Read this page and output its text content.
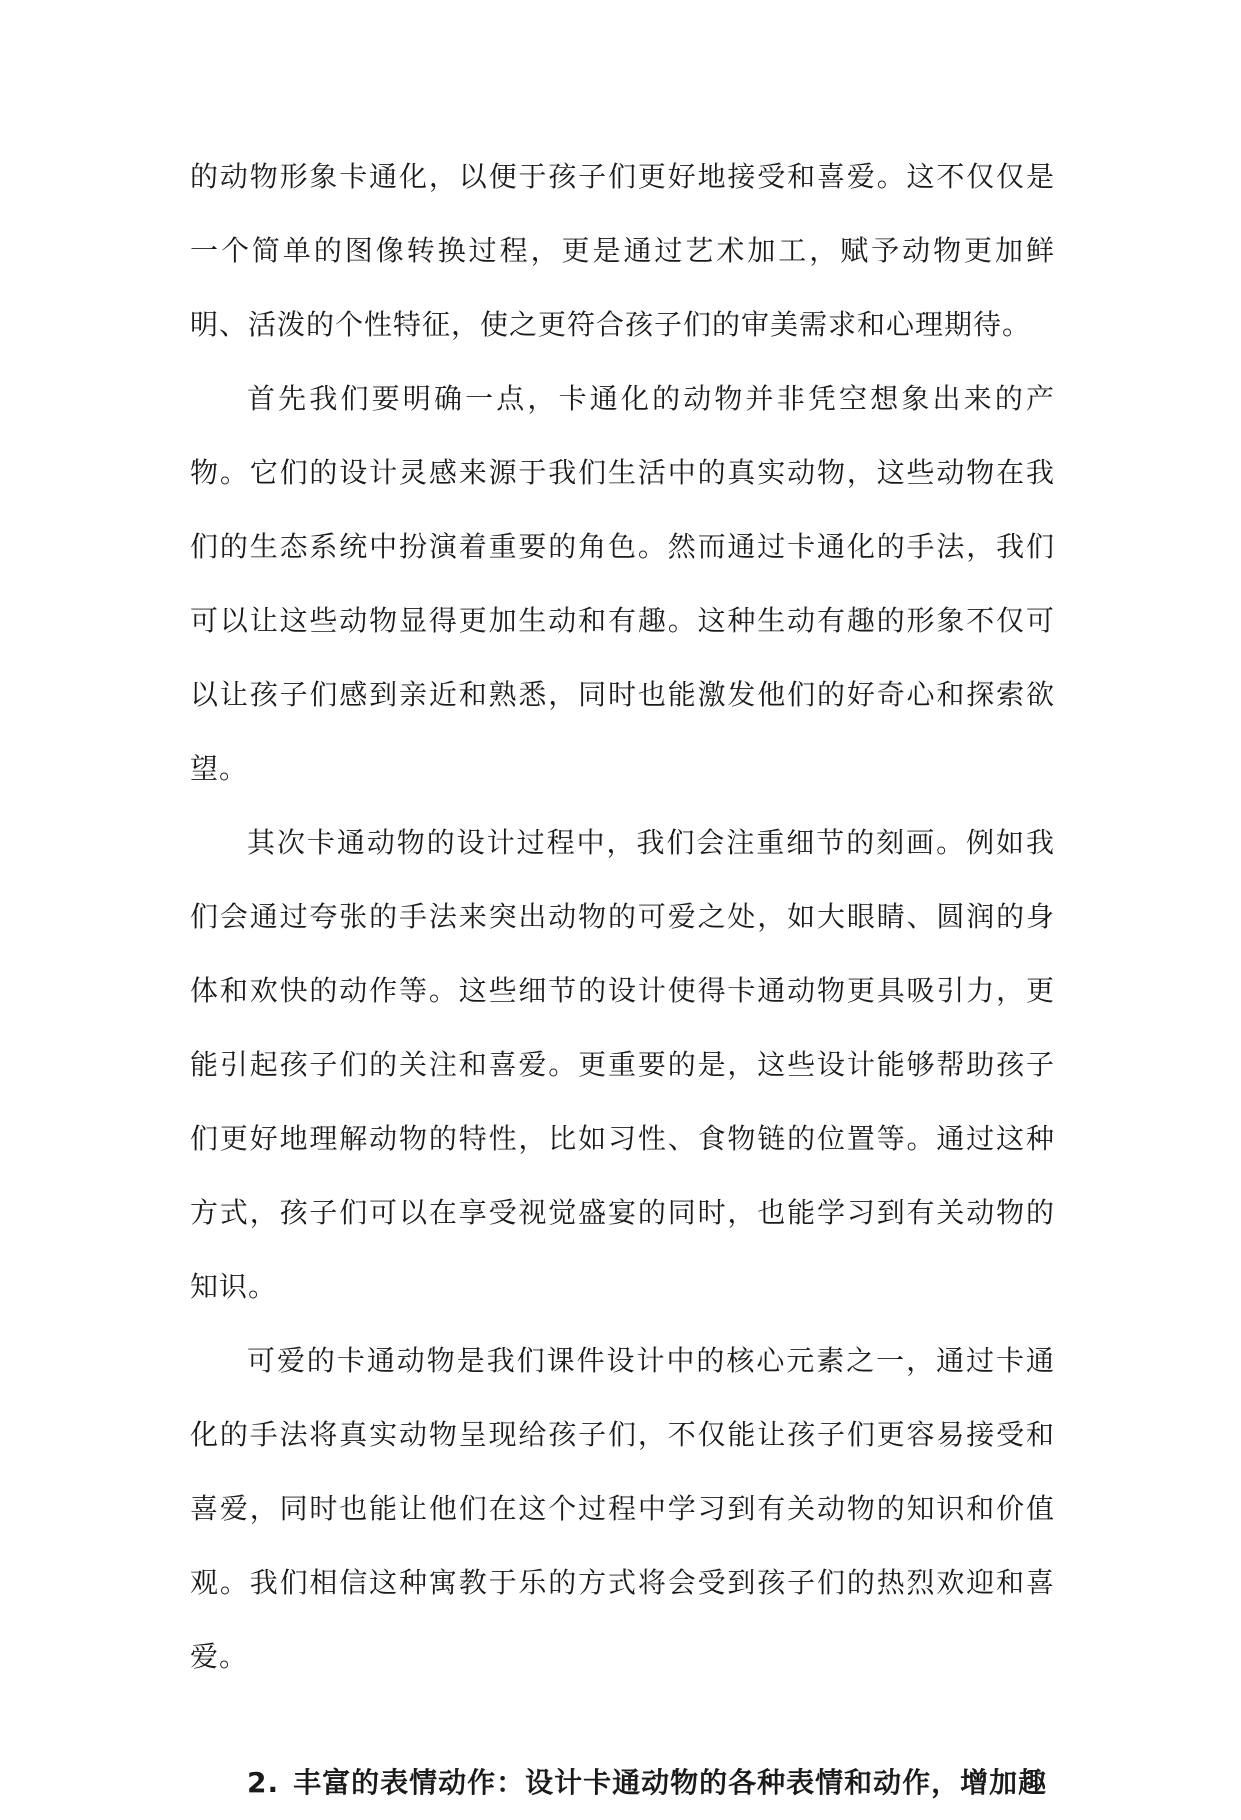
的动物形象卡通化，以便于孩子们更好地接受和喜爱。这不仅仅是一个简单的图像转换过程，更是通过艺术加工，赋予动物更加鲜明、活泼的个性特征，使之更符合孩子们的审美需求和心理期待。

首先我们要明确一点，卡通化的动物并非凭空想象出来的产物。它们的设计灵感来源于我们生活中的真实动物，这些动物在我们的生态系统中扮演着重要的角色。然而通过卡通化的手法，我们可以让这些动物显得更加生动和有趣。这种生动有趣的形象不仅可以让孩子们感到亲近和熟悉，同时也能激发他们的好奇心和探索欲望。

其次卡通动物的设计过程中，我们会注重细节的刻画。例如我们会通过夸张的手法来突出动物的可爱之处，如大眼睛、圆润的身体和欢快的动作等。这些细节的设计使得卡通动物更具吸引力，更能引起孩子们的关注和喜爱。更重要的是，这些设计能够帮助孩子们更好地理解动物的特性，比如习性、食物链的位置等。通过这种方式，孩子们可以在享受视觉盛宴的同时，也能学习到有关动物的知识。

可爱的卡通动物是我们课件设计中的核心元素之一，通过卡通化的手法将真实动物呈现给孩子们，不仅能让孩子们更容易接受和喜爱，同时也能让他们在这个过程中学习到有关动物的知识和价值观。我们相信这种寓教于乐的方式将会受到孩子们的热烈欢迎和喜爱。

2. 丰富的表情动作：设计卡通动物的各种表情和动作，增加趣
